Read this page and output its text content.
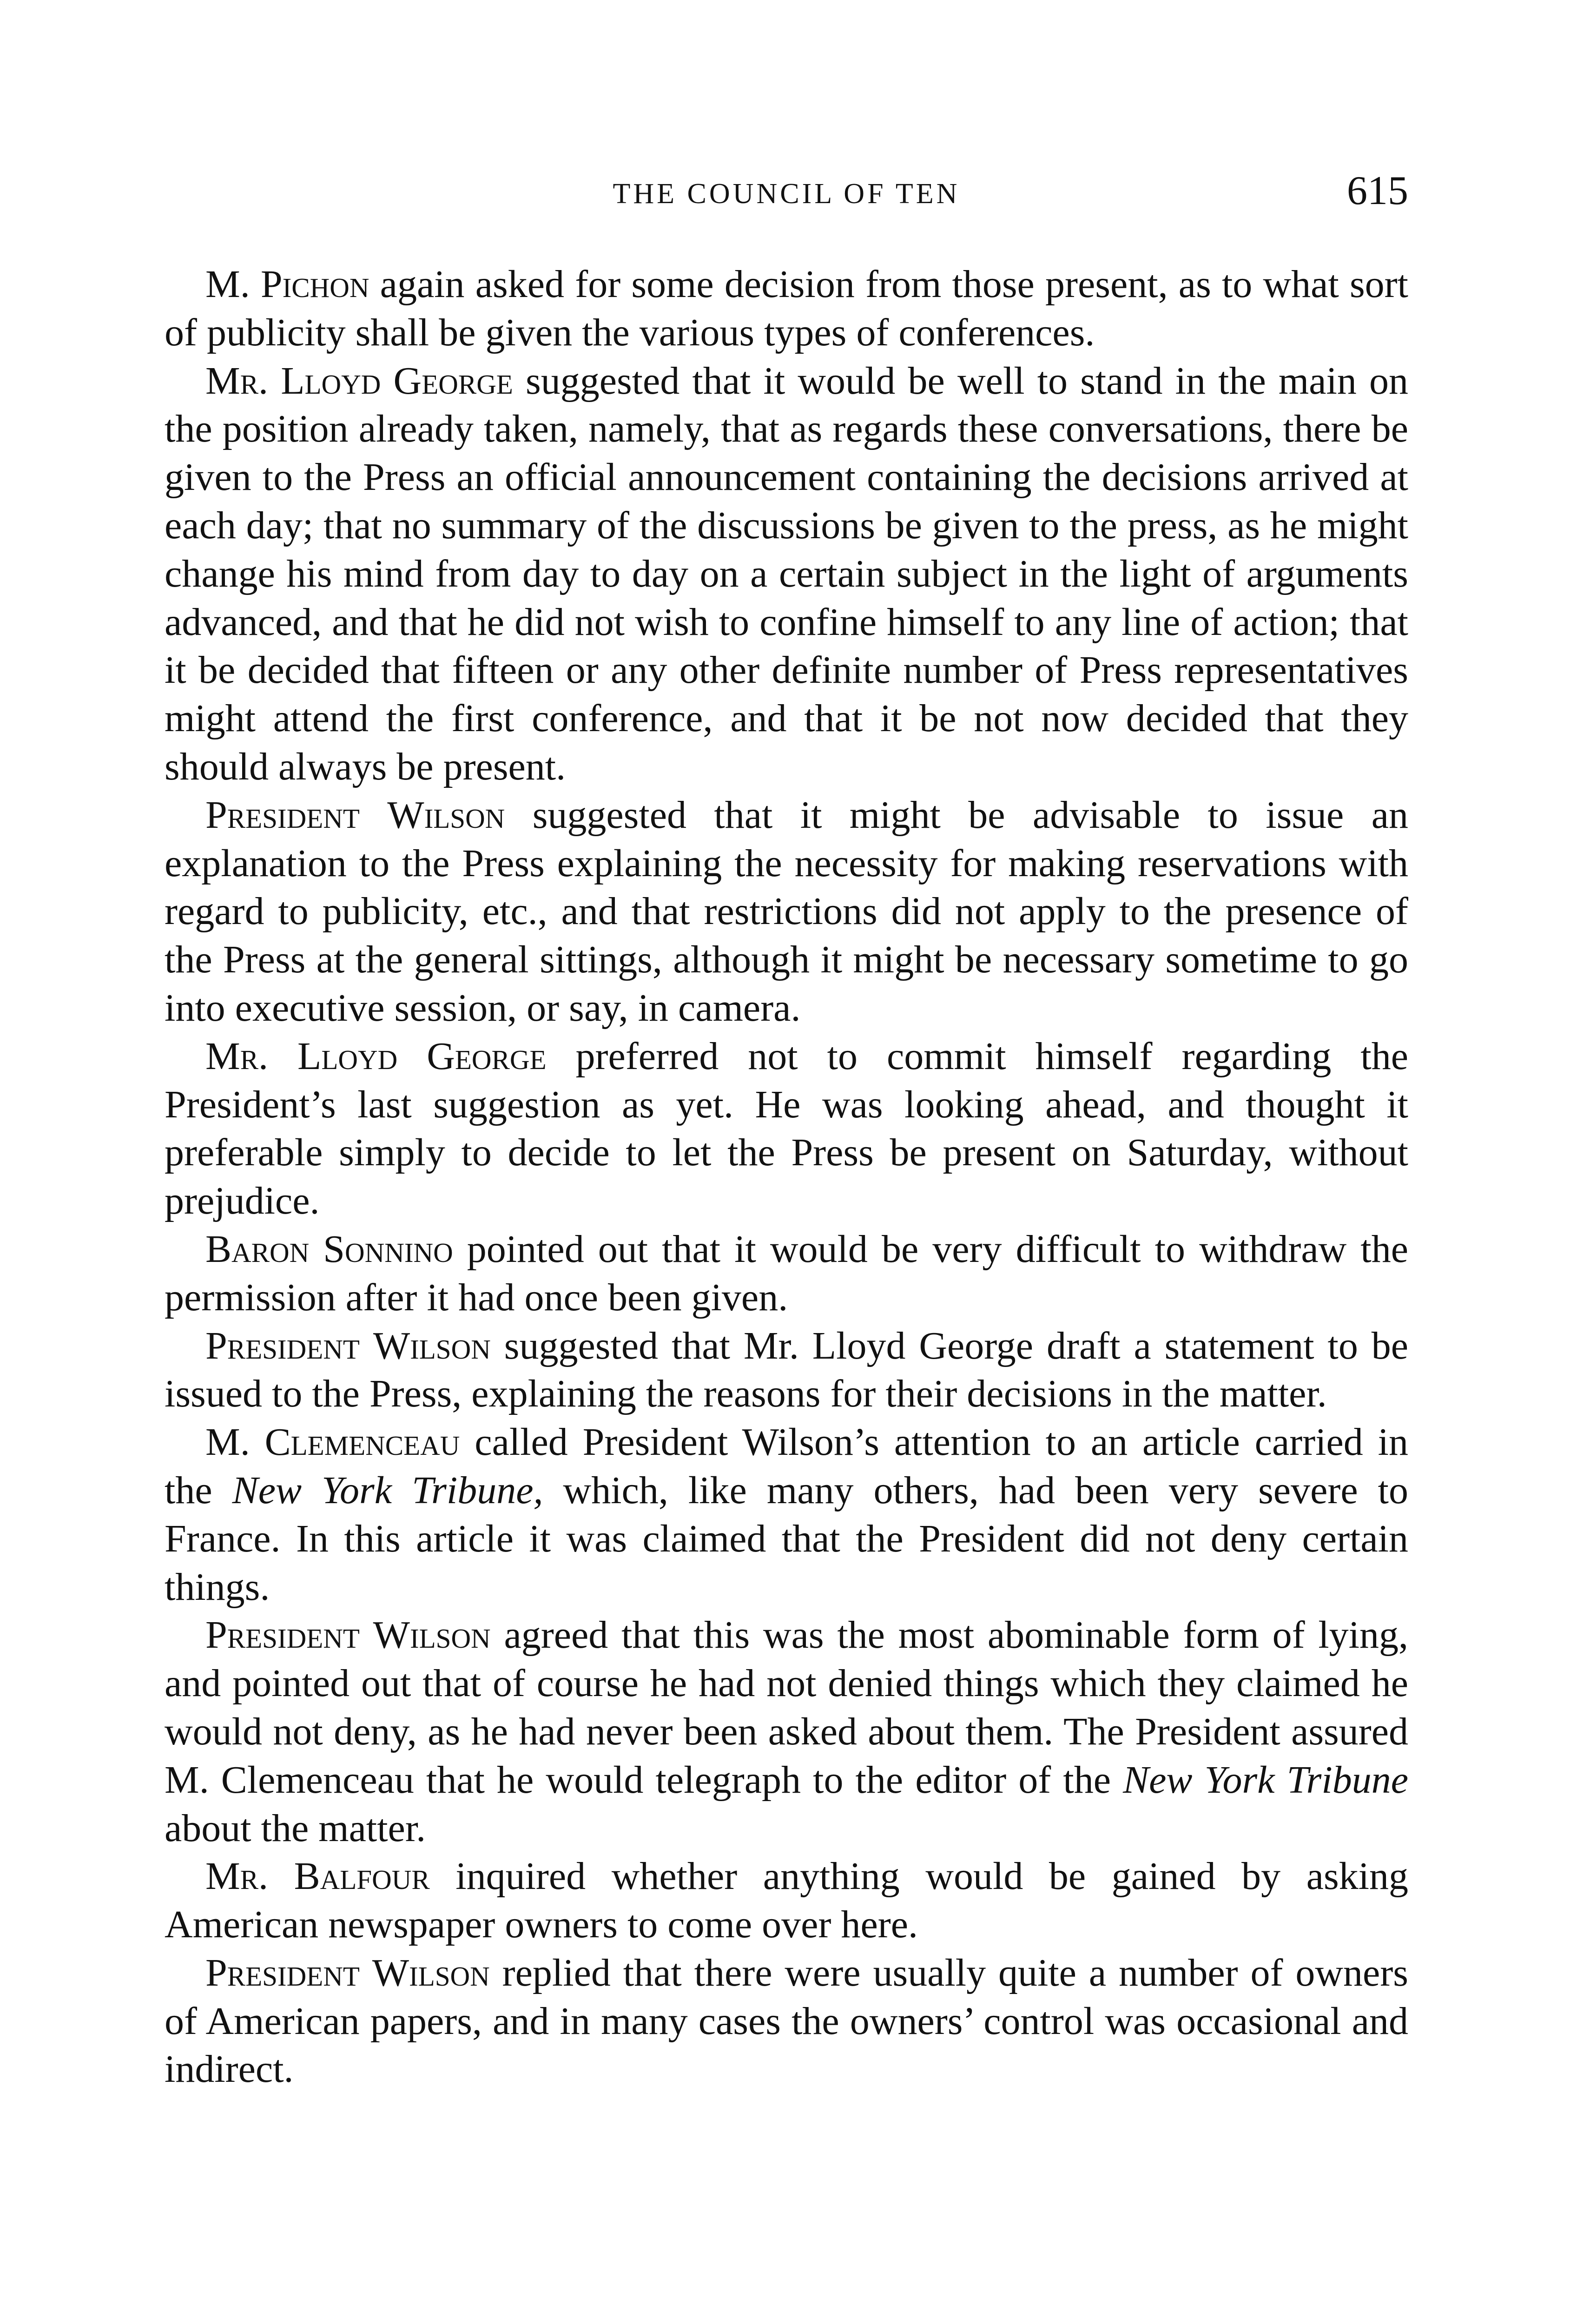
THE COUNCIL OF TEN	615

M. Pichon again asked for some decision from those present, as to what sort of publicity shall be given the various types of conferences.

Mr. Lloyd George suggested that it would be well to stand in the main on the position already taken, namely, that as regards these conversations, there be given to the Press an official announcement containing the decisions arrived at each day; that no summary of the discussions be given to the press, as he might change his mind from day to day on a certain subject in the light of arguments advanced, and that he did not wish to confine himself to any line of action; that it be decided that fifteen or any other definite number of Press representatives might attend the first conference, and that it be not now decided that they should always be present.

President Wilson suggested that it might be advisable to issue an explanation to the Press explaining the necessity for making reservations with regard to publicity, etc., and that restrictions did not apply to the presence of the Press at the general sittings, although it might be necessary sometime to go into executive session, or say, in camera.

Mr. Lloyd George preferred not to commit himself regarding the President’s last suggestion as yet. He was looking ahead, and thought it preferable simply to decide to let the Press be present on Saturday, without prejudice.

Baron Sonnino pointed out that it would be very difficult to withdraw the permission after it had once been given.

President Wilson suggested that Mr. Lloyd George draft a statement to be issued to the Press, explaining the reasons for their decisions in the matter.

M. Clemenceau called President Wilson’s attention to an article carried in the New York Tribune, which, like many others, had been very severe to France. In this article it was claimed that the President did not deny certain things.

President Wilson agreed that this was the most abominable form of lying, and pointed out that of course he had not denied things which they claimed he would not deny, as he had never been asked about them. The President assured M. Clemenceau that he would telegraph to the editor of the New York Tribune about the matter.

Mr. Balfour inquired whether anything would be gained by asking American newspaper owners to come over here.

President Wilson replied that there were usually quite a number of owners of American papers, and in many cases the owners’ control was occasional and indirect.
